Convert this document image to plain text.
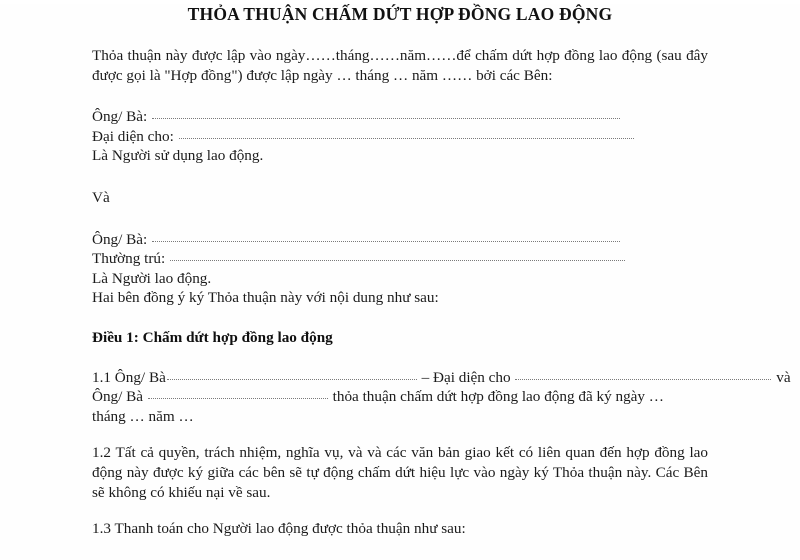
THỎA THUẬN CHẤM DỨT HỢP ĐỒNG LAO ĐỘNG

Thỏa thuận này được lập vào ngày……tháng……năm……để chấm dứt hợp đồng lao động (sau đây được gọi là "Hợp đồng") được lập ngày … tháng … năm …… bởi các Bên:

Ông/ Bà:
Đại diện cho:

Là Người sử dụng lao động.

Và

Ông/ Bà:
Thường trú:

Là Người lao động.

Hai bên đồng ý ký Thỏa thuận này với nội dung như sau:

Điều 1: Chấm dứt hợp đồng lao động

1.1 Ông/ Bà	– Đại diện cho	và
Ông/ Bà	thỏa thuận chấm dứt hợp đồng lao động đã ký ngày …

tháng … năm …

1.2 Tất cả quyền, trách nhiệm, nghĩa vụ, và và các văn bản giao kết có liên quan đến hợp đồng lao động này được ký giữa các bên sẽ tự động chấm dứt hiệu lực vào ngày ký Thỏa thuận này. Các Bên sẽ không có khiếu nại về sau.

1.3 Thanh toán cho Người lao động được thỏa thuận như sau:
